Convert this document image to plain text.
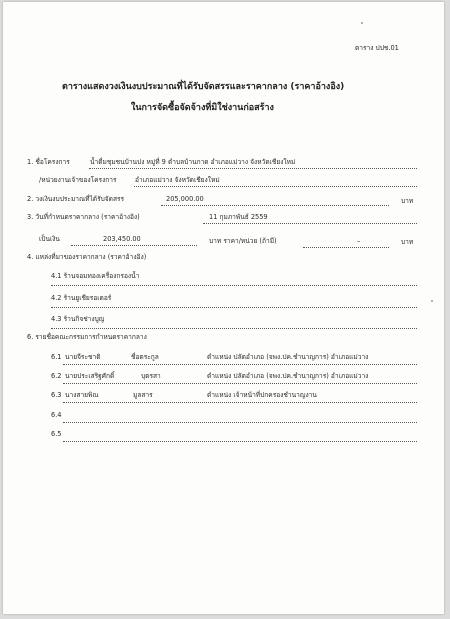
ตาราง ปปช.01
ตารางแสดงวงเงินงบประมาณที่ได้รับจัดสรรและราคากลาง (ราคาอ้างอิง)
ในการจัดซื้อจัดจ้างที่มิใช่งานก่อสร้าง
1. ชื่อโครงการ	น้ำดื่มชุมชนบ้านปง หมู่ที่ 9 ตำบลบ้านกาด อำเภอแม่วาง จังหวัดเชียงใหม่
/หน่วยงานเจ้าของโครงการ	อำเภอแม่วาง จังหวัดเชียงใหม่
2. วงเงินงบประมาณที่ได้รับจัดสรร	205,000.00	บาท
3. วันที่กำหนดราคากลาง (ราคาอ้างอิง)	11 กุมภาพันธ์ 2559
เป็นเงิน	203,450.00	บาท ราคา/หน่วย (ถ้ามี)	–	บาท
4. แหล่งที่มาของราคากลาง (ราคาอ้างอิง)
4.1 ร้านจอมทองเครื่องกรองน้ำ
4.2 ร้านยูเชียรอเตอร์
4.3 ร้านกิจช่างบูญ
6. รายชื่อคณะกรรมการกำหนดราคากลาง
6.1 นายจีระชาติ	ชื่อตระกูล	ตำแหน่ง ปลัดอำเภอ (จพง.ปค.ชำนาญการ) อำเภอแม่วาง
6.2 นายประเสริฐศักดิ์	บุตรสา	ตำแหน่ง ปลัดอำเภอ (จพง.ปค.ชำนาญการ) อำเภอแม่วาง
6.3 นางสายพิณ	มูลสาร	ตำแหน่ง เจ้าหน้าที่ปกครองชำนาญงาน
6.4
6.5
